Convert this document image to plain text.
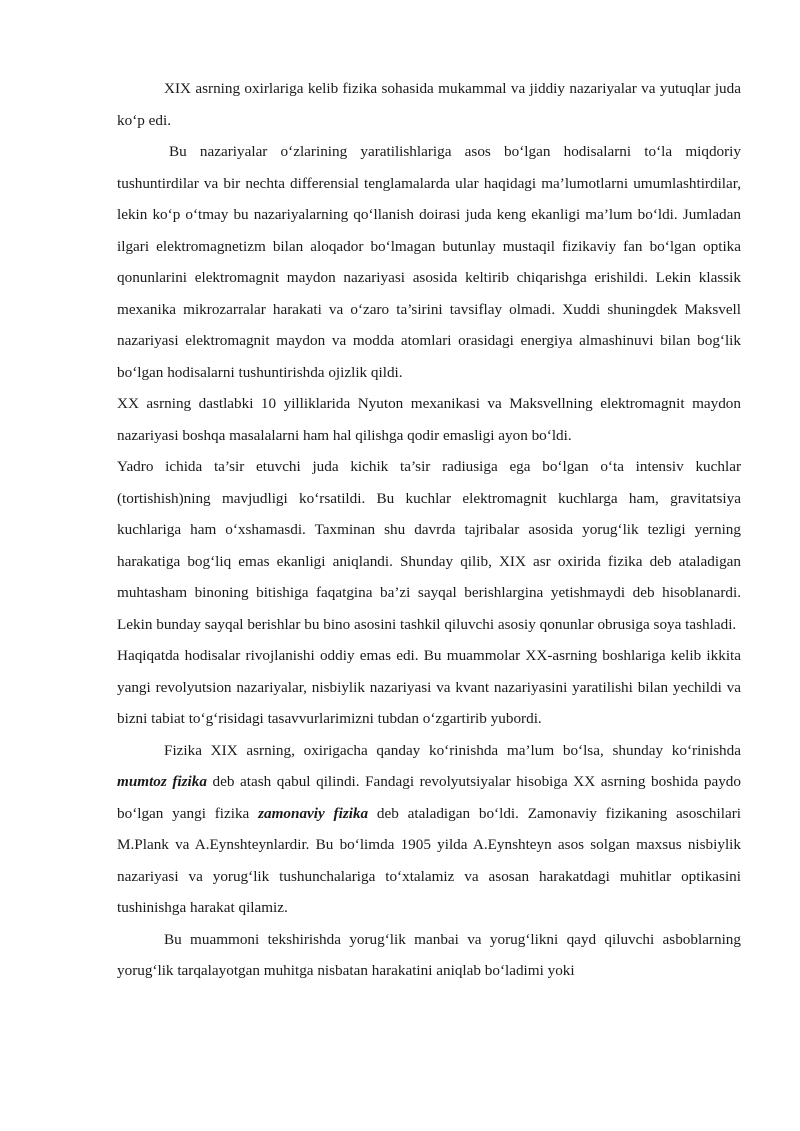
XIX asrning oxirlariga kelib fizika sohasida mukammal va jiddiy nazariyalar va yutuqlar juda ko‘p edi.

Bu nazariyalar o‘zlarining yaratilishlariga asos bo‘lgan hodisalarni to‘la miqdoriy tushuntirdilar va bir nechta differensial tenglamalarda ular haqidagi ma’lumotlarni umumlashtirdilar, lekin ko‘p o‘tmay bu nazariyalarning qo‘llanish doirasi juda keng ekanligi ma’lum bo‘ldi. Jumladan ilgari elektromagnetizm bilan aloqador bo‘lmagan butunlay mustaqil fizikaviy fan bo‘lgan optika qonunlarini elektromagnit maydon nazariyasi asosida keltirib chiqarishga erishildi. Lekin klassik mexanika mikrozarralar harakati va o‘zaro ta’sirini tavsiflay olmadi. Xuddi shuningdek Maksvell nazariyasi elektromagnit maydon va modda atomlari orasidagi energiya almashinuvi bilan bog‘lik bo‘lgan hodisalarni tushuntirishda ojizlik qildi.

XX asrning dastlabki 10 yilliklarida Nyuton mexanikasi va Maksvellning elektromagnit maydon nazariyasi boshqa masalalarni ham hal qilishga qodir emasligi ayon bo‘ldi.

Yadro ichida ta’sir etuvchi juda kichik ta’sir radiusiga ega bo‘lgan o‘ta intensiv kuchlar (tortishish)ning mavjudligi ko‘rsatildi. Bu kuchlar elektromagnit kuchlarga ham, gravitatsiya kuchlariga ham o‘xshamasdi. Taxminan shu davrda tajribalar asosida yorug‘lik tezligi yerning harakatiga bog‘liq emas ekanligi aniqlandi. Shunday qilib, XIX asr oxirida fizika deb ataladigan muhtasham binoning bitishiga faqatgina ba’zi sayqal berishlargina yetishmaydi deb hisoblanardi. Lekin bunday sayqal berishlar bu bino asosini tashkil qiluvchi asosiy qonunlar obrusiga soya tashladi.

Haqiqatda hodisalar rivojlanishi oddiy emas edi. Bu muammolar XX-asrning boshlariga kelib ikkita yangi revolyutsion nazariyalar, nisbiylik nazariyasi va kvant nazariyasini yaratilishi bilan yechildi va bizni tabiat to‘g‘risidagi tasavvurlarimizni tubdan o‘zgartirib yubordi.

Fizika XIX asrning, oxirigacha qanday ko‘rinishda ma’lum bo‘lsa, shunday ko‘rinishda mumtoz fizika deb atash qabul qilindi. Fandagi revolyutsiyalar hisobiga XX asrning boshida paydo bo‘lgan yangi fizika zamonaviy fizika deb ataladigan bo‘ldi. Zamonaviy fizikaning asoschilari M.Plank va A.Eynshteynlardir. Bu bo‘limda 1905 yilda A.Eynshteyn asos solgan maxsus nisbiylik nazariyasi va yorug‘lik tushunchalariga to‘xtalamiz va asosan harakatdagi muhitlar optikasini tushinishga harakat qilamiz.

Bu muammoni tekshirishda yorug‘lik manbai va yorug‘likni qayd qiluvchi asboblarning yorug‘lik tarqalayotgan muhitga nisbatan harakatini aniqlab bo‘ladimi yoki
